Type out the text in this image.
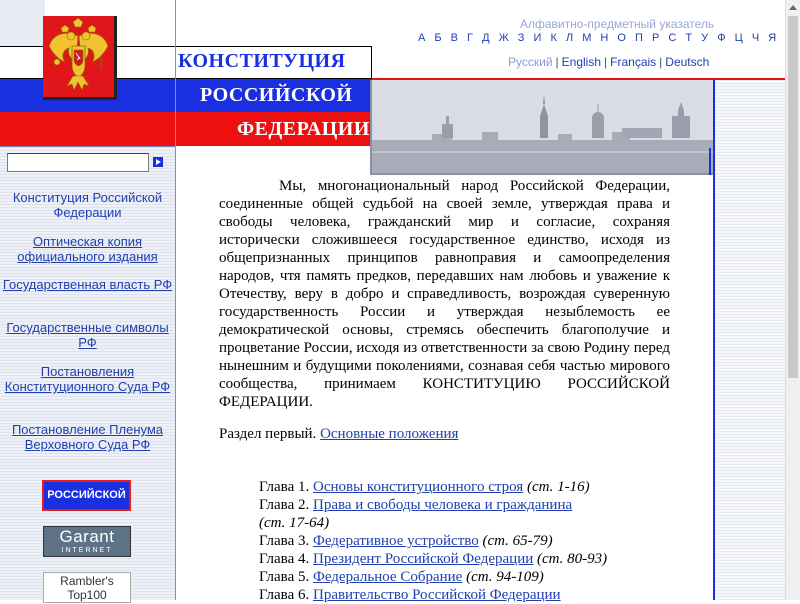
КОНСТИТУЦИЯ
РОССИЙСКОЙ
ФЕДЕРАЦИИ
Алфавитно-предметный указатель
А Б В Г Д Ж З И К Л М Н О П Р С Т У Ф Ц Ч Я
Русский | English | Français | Deutsch
Конституция Российской Федерации
Оптическая копия официального издания
Государственная власть РФ
Государственные символы РФ
Постановления Конституционного Суда РФ
Постановление Пленума Верховного Суда РФ
РОССИЙСКОЙ
Garant
INTERNET
Rambler's Top100

Мы, многонациональный народ Российской Федерации, соединенные общей судьбой на своей земле, утверждая права и свободы человека, гражданский мир и согласие, сохраняя исторически сложившееся государственное единство, исходя из общепризнанных принципов равноправия и самоопределения народов, чтя память предков, передавших нам любовь и уважение к Отечеству, веру в добро и справедливость, возрождая суверенную государственность России и утверждая незыблемость ее демократической основы, стремясь обеспечить благополучие и процветание России, исходя из ответственности за свою Родину перед нынешним и будущими поколениями, сознавая себя частью мирового сообщества, принимаем КОНСТИТУЦИЮ РОССИЙСКОЙ ФЕДЕРАЦИИ.

Раздел первый. Основные положения
Глава 1. Основы конституционного строя (ст. 1-16)
Глава 2. Права и свободы человека и гражданина
(ст. 17-64)
Глава 3. Федеративное устройство (ст. 65-79)
Глава 4. Президент Российской Федерации (ст. 80-93)
Глава 5. Федеральное Собрание (ст. 94-109)
Глава 6. Правительство Российской Федерации
